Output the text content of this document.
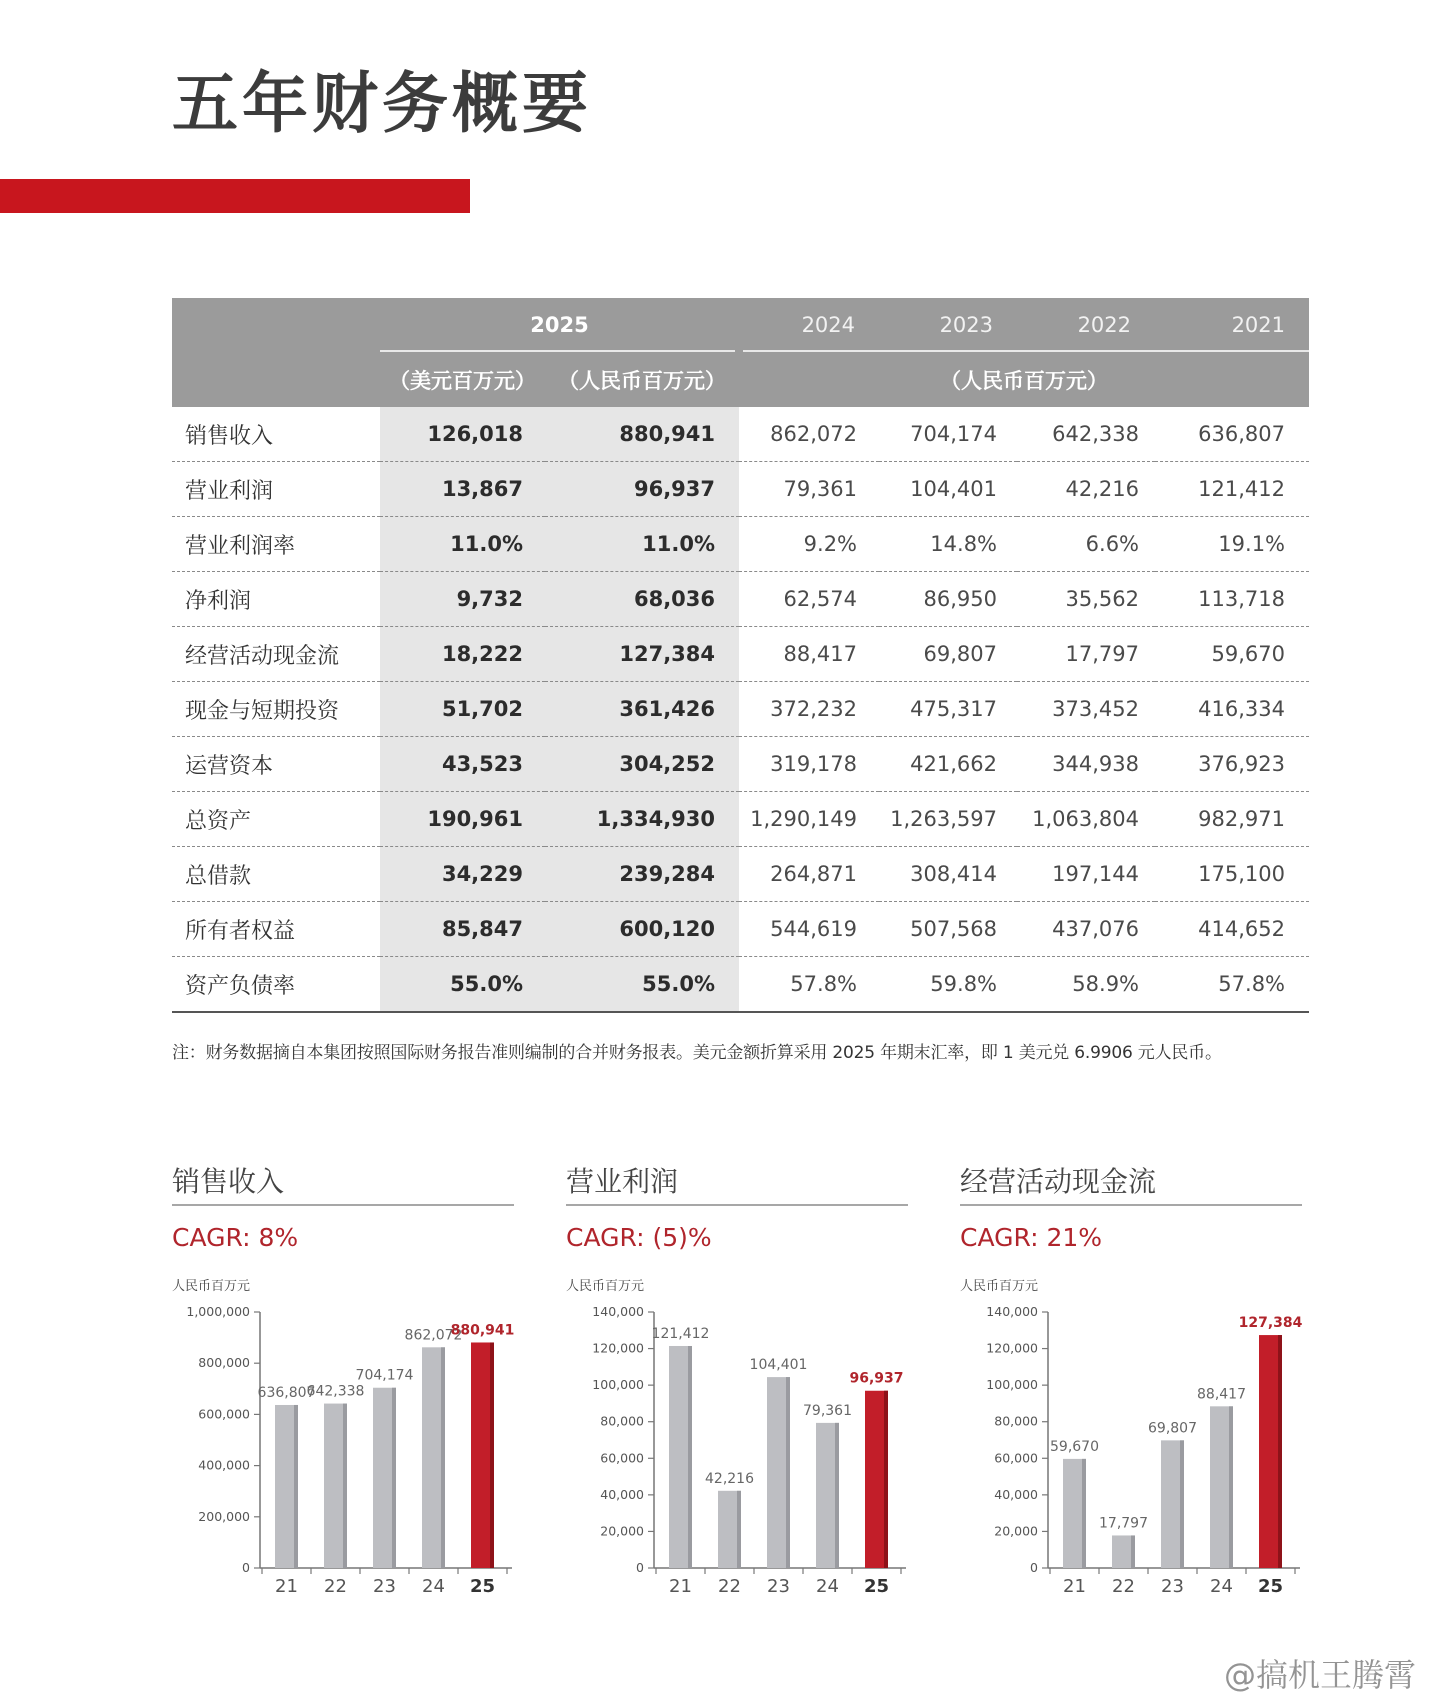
五年财务概要
	2025		2024	2023	2022	2021
	（美元百万元）	（人民币百万元）	（人民币百万元）			
销售收入	126,018	880,941	862,072	704,174	642,338	636,807
营业利润	13,867	96,937	79,361	104,401	42,216	121,412
营业利润率	11.0%	11.0%	9.2%	14.8%	6.6%	19.1%
净利润	9,732	68,036	62,574	86,950	35,562	113,718
经营活动现金流	18,222	127,384	88,417	69,807	17,797	59,670
现金与短期投资	51,702	361,426	372,232	475,317	373,452	416,334
运营资本	43,523	304,252	319,178	421,662	344,938	376,923
总资产	190,961	1,334,930	1,290,149	1,263,597	1,063,804	982,971
总借款	34,229	239,284	264,871	308,414	197,144	175,100
所有者权益	85,847	600,120	544,619	507,568	437,076	414,652
资产负债率	55.0%	55.0%	57.8%	59.8%	58.9%	57.8%
注：财务数据摘自本集团按照国际财务报告准则编制的合并财务报表。美元金额折算采用 2025 年期末汇率，即 1 美元兑 6.9906 元人民币。
销售收入
CAGR: 8%
人民币百万元
0
200,000
400,000
600,000
800,000
1,000,000
636,807
21
642,338
22
704,174
23
862,072
24
880,941
25
营业利润
CAGR: (5)%
人民币百万元
0
20,000
40,000
60,000
80,000
100,000
120,000
140,000
121,412
21
42,216
22
104,401
23
79,361
24
96,937
25
经营活动现金流
CAGR: 21%
人民币百万元
0
20,000
40,000
60,000
80,000
100,000
120,000
140,000
59,670
21
17,797
22
69,807
23
88,417
24
127,384
25
@搞机王腾霄
